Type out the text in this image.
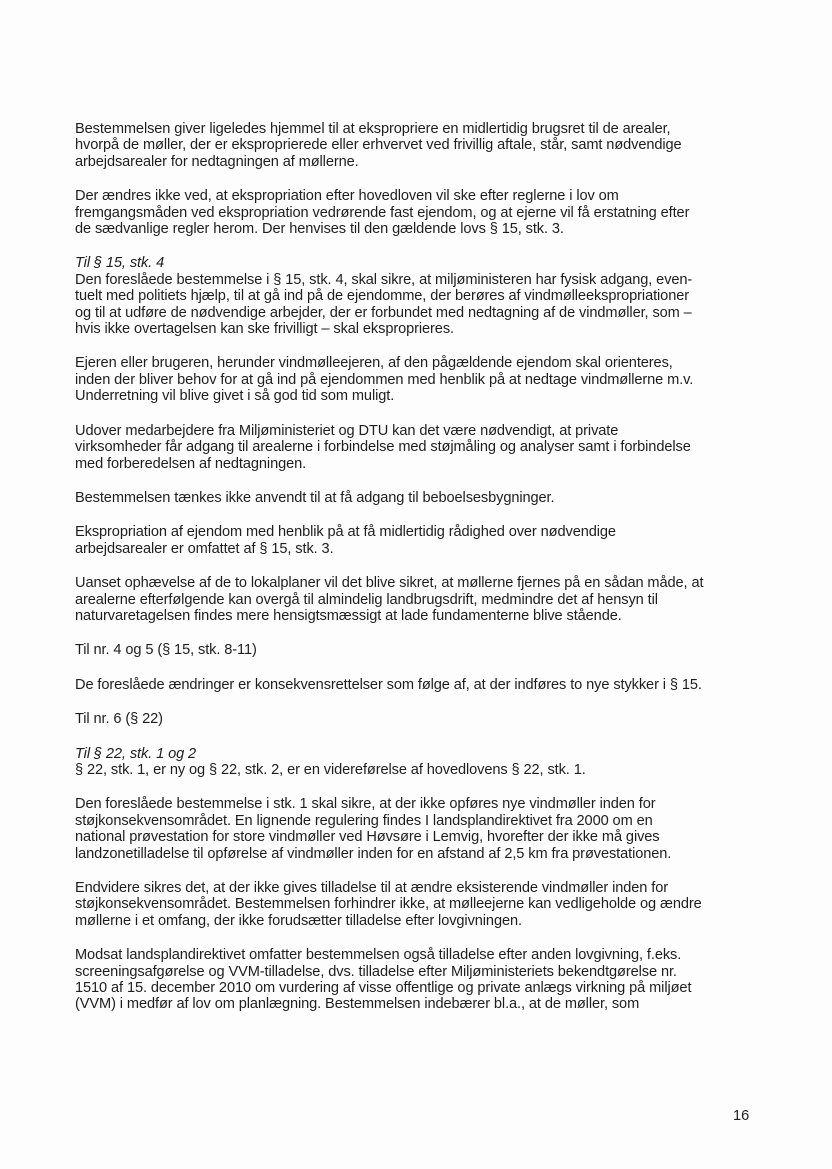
Bestemmelsen giver ligeledes hjemmel til at ekspropriere en midlertidig brugsret til de arealer,
hvorpå de møller, der er eksproprierede eller erhvervet ved frivillig aftale, står, samt nødvendige
arbejdsarealer for nedtagningen af møllerne.
Der ændres ikke ved, at ekspropriation efter hovedloven vil ske efter reglerne i lov om
fremgangsmåden ved ekspropriation vedrørende fast ejendom, og at ejerne vil få erstatning efter
de sædvanlige regler herom. Der henvises til den gældende lovs § 15, stk. 3.
Til § 15, stk. 4
Den foreslåede bestemmelse i § 15, stk. 4, skal sikre, at miljøministeren har fysisk adgang, even-
tuelt med politiets hjælp, til at gå ind på de ejendomme, der berøres af vindmølleekspropriationer
og til at udføre de nødvendige arbejder, der er forbundet med nedtagning af de vindmøller, som –
hvis ikke overtagelsen kan ske frivilligt – skal eksproprieres.
Ejeren eller brugeren, herunder vindmølleejeren, af den pågældende ejendom skal orienteres,
inden der bliver behov for at gå ind på ejendommen med henblik på at nedtage vindmøllerne m.v.
Underretning vil blive givet i så god tid som muligt.
Udover medarbejdere fra Miljøministeriet og DTU kan det være nødvendigt, at private
virksomheder får adgang til arealerne i forbindelse med støjmåling og analyser samt i forbindelse
med forberedelsen af nedtagningen.
Bestemmelsen tænkes ikke anvendt til at få adgang til beboelsesbygninger.
Ekspropriation af ejendom med henblik på at få midlertidig rådighed over nødvendige
arbejdsarealer er omfattet af § 15, stk. 3.
Uanset ophævelse af de to lokalplaner vil det blive sikret, at møllerne fjernes på en sådan måde, at
arealerne efterfølgende kan overgå til almindelig landbrugsdrift, medmindre det af hensyn til
naturvaretagelsen findes mere hensigtsmæssigt at lade fundamenterne blive stående.
Til nr. 4 og 5 (§ 15, stk. 8-11)
De foreslåede ændringer er konsekvensrettelser som følge af, at der indføres to nye stykker i § 15.
Til nr. 6 (§ 22)
Til § 22, stk. 1 og 2
§ 22, stk. 1, er ny og § 22, stk. 2, er en videreførelse af hovedlovens § 22, stk. 1.
Den foreslåede bestemmelse i stk. 1 skal sikre, at der ikke opføres nye vindmøller inden for
støjkonsekvensområdet. En lignende regulering findes I landsplandirektivet fra 2000 om en
national prøvestation for store vindmøller ved Høvsøre i Lemvig, hvorefter der ikke må gives
landzonetilladelse til opførelse af vindmøller inden for en afstand af 2,5 km fra prøvestationen.
Endvidere sikres det, at der ikke gives tilladelse til at ændre eksisterende vindmøller inden for
støjkonsekvensområdet. Bestemmelsen forhindrer ikke, at mølleejerne kan vedligeholde og ændre
møllerne i et omfang, der ikke forudsætter tilladelse efter lovgivningen.
Modsat landsplandirektivet omfatter bestemmelsen også tilladelse efter anden lovgivning, f.eks.
screeningsafgørelse og VVM-tilladelse, dvs. tilladelse efter Miljøministeriets bekendtgørelse nr.
1510 af 15. december 2010 om vurdering af visse offentlige og private anlægs virkning på miljøet
(VVM) i medfør af lov om planlægning. Bestemmelsen indebærer bl.a., at de møller, som
16
